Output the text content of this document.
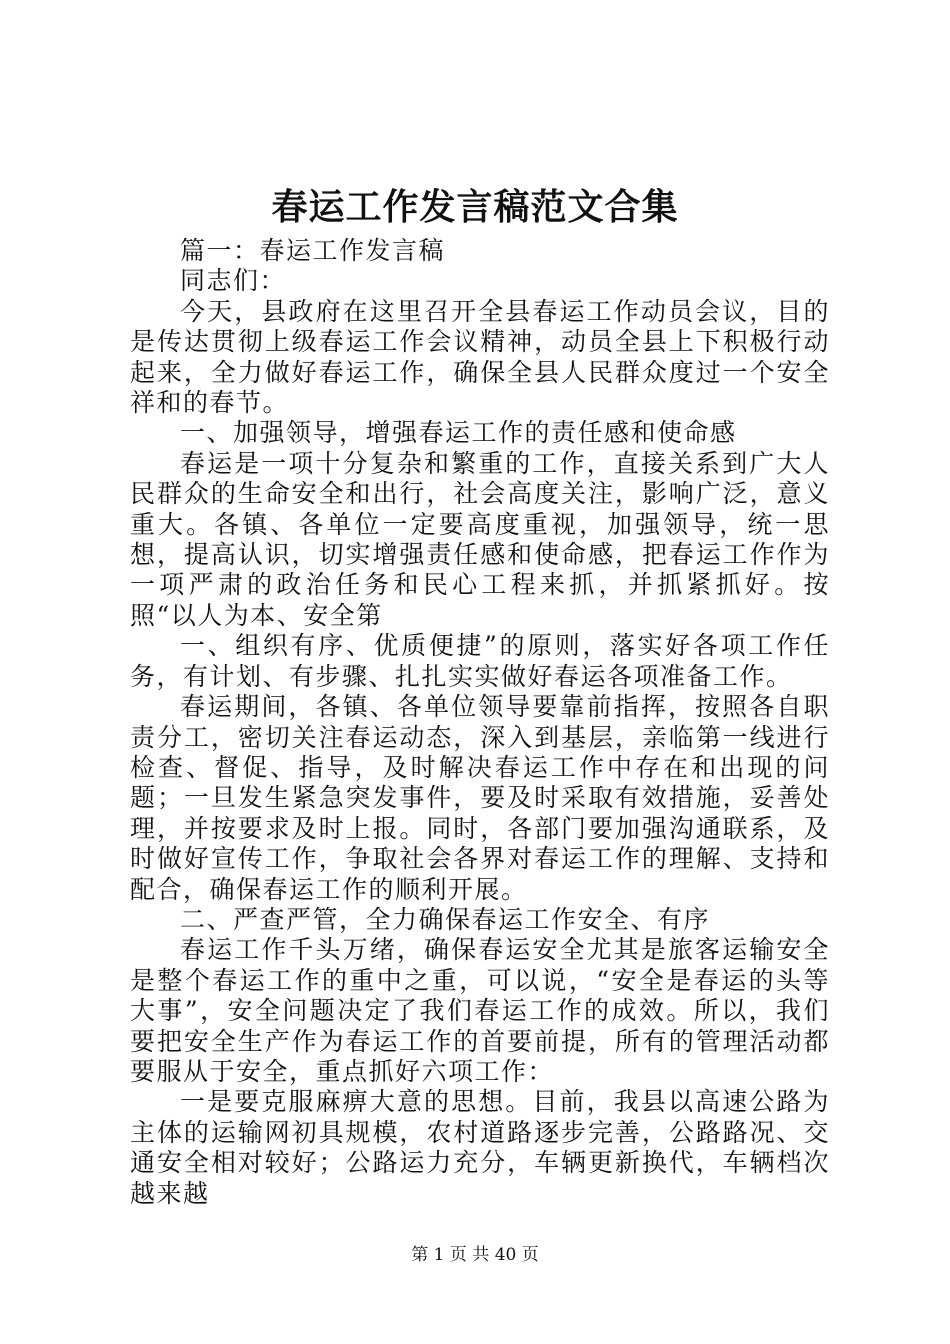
春运工作发言稿范文合集

篇一：春运工作发言稿

同志们：

今天，县政府在这里召开全县春运工作动员会议，目的是传达贯彻上级春运工作会议精神，动员全县上下积极行动起来，全力做好春运工作，确保全县人民群众度过一个安全祥和的春节。

一、加强领导，增强春运工作的责任感和使命感

春运是一项十分复杂和繁重的工作，直接关系到广大人民群众的生命安全和出行，社会高度关注，影响广泛，意义重大。各镇、各单位一定要高度重视，加强领导，统一思想，提高认识，切实增强责任感和使命感，把春运工作作为一项严肃的政治任务和民心工程来抓，并抓紧抓好。按照“以人为本、安全第

一、组织有序、优质便捷”的原则，落实好各项工作任务，有计划、有步骤、扎扎实实做好春运各项准备工作。

春运期间，各镇、各单位领导要靠前指挥，按照各自职责分工，密切关注春运动态，深入到基层，亲临第一线进行检查、督促、指导，及时解决春运工作中存在和出现的问题；一旦发生紧急突发事件，要及时采取有效措施，妥善处理，并按要求及时上报。同时，各部门要加强沟通联系，及时做好宣传工作，争取社会各界对春运工作的理解、支持和配合，确保春运工作的顺利开展。

二、严查严管，全力确保春运工作安全、有序

春运工作千头万绪，确保春运安全尤其是旅客运输安全是整个春运工作的重中之重，可以说，“安全是春运的头等大事”，安全问题决定了我们春运工作的成效。所以，我们要把安全生产作为春运工作的首要前提，所有的管理活动都要服从于安全，重点抓好六项工作：

一是要克服麻痹大意的思想。目前，我县以高速公路为主体的运输网初具规模，农村道路逐步完善，公路路况、交通安全相对较好；公路运力充分，车辆更新换代，车辆档次越来越

第 1 页 共 40 页
